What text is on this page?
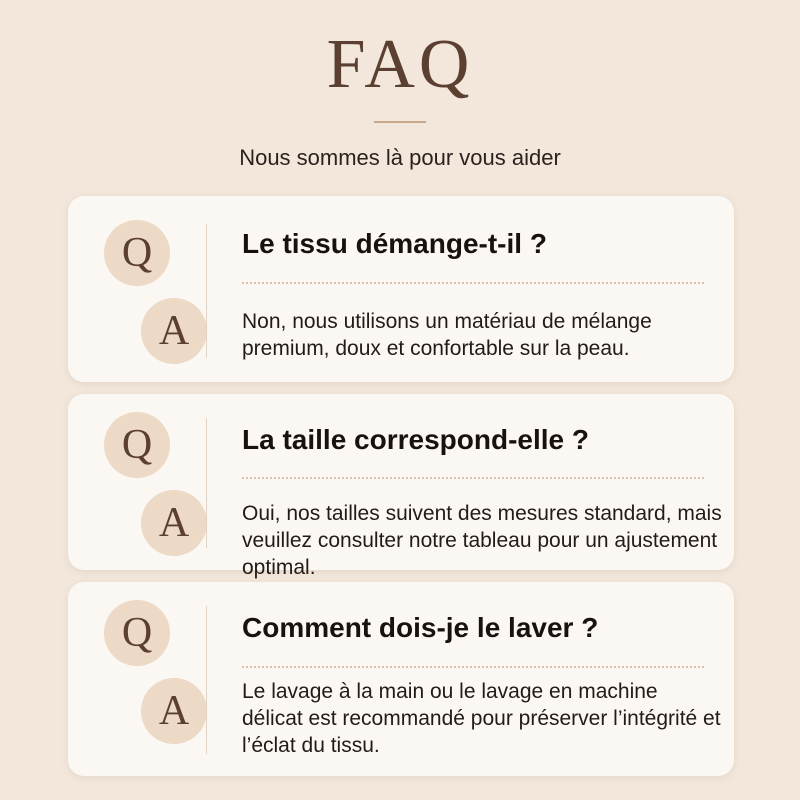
FAQ
Nous sommes là pour vous aider
Q
A
Le tissu démange-t-il ?
Non, nous utilisons un matériau de mélange premium, doux et confortable sur la peau.
Q
A
La taille correspond-elle ?
Oui, nos tailles suivent des mesures standard, mais veuillez consulter notre tableau pour un ajustement optimal.
Q
A
Comment dois-je le laver ?
Le lavage à la main ou le lavage en machine délicat est recommandé pour préserver l’intégrité et l’éclat du tissu.
